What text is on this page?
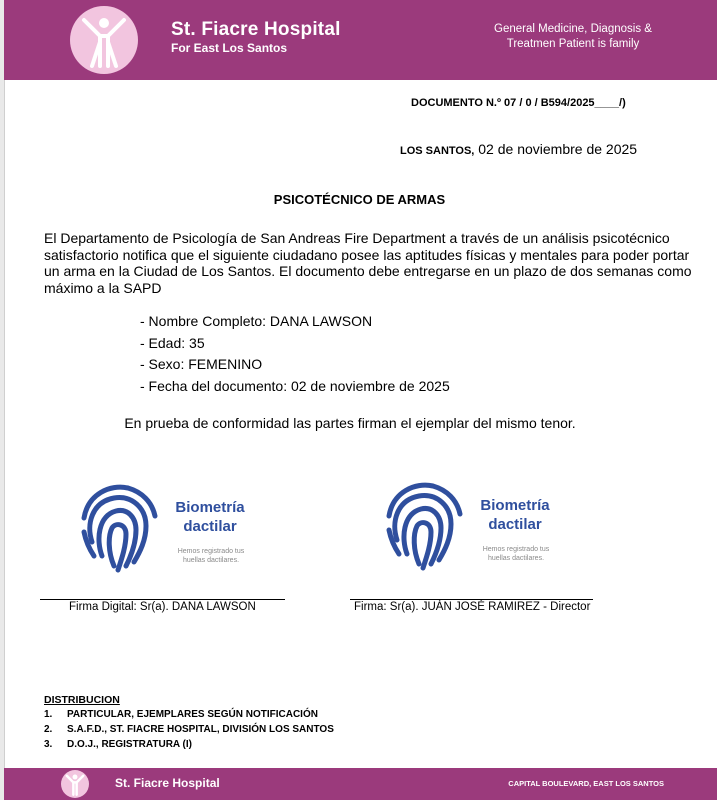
St. Fiacre Hospital
For East Los Santos
General Medicine, Diagnosis & Treatmen Patient is family
DOCUMENTO N.º 07 / 0 / B594/2025____/)
LOS SANTOS, 02 de noviembre de 2025
PSICOTÉCNICO DE ARMAS
El Departamento de Psicología de San Andreas Fire Department a través de un análisis psicotécnico satisfactorio notifica que el siguiente ciudadano posee las aptitudes físicas y mentales para poder portar un arma en la Ciudad de Los Santos. El documento debe entregarse en un plazo de dos semanas como máximo a la SAPD
- Nombre Completo: DANA LAWSON
- Edad: 35
- Sexo: FEMENINO
- Fecha del documento: 02 de noviembre de 2025
En prueba de conformidad las partes firman el ejemplar del mismo tenor.
Biometría
dactilar
Hemos registrado tus
huellas dactilares.
Biometría
dactilar
Hemos registrado tus
huellas dactilares.
Firma Digital: Sr(a). DANA LAWSON	Firma: Sr(a). JUÁN JOSÉ RAMIREZ - Director
DISTRIBUCION
1. PARTICULAR, EJEMPLARES SEGÚN NOTIFICACIÓN
2. S.A.F.D., ST. FIACRE HOSPITAL, DIVISIÓN LOS SANTOS
3. D.O.J., REGISTRATURA (I)
St. Fiacre Hospital	CAPITAL BOULEVARD, EAST LOS SANTOS
